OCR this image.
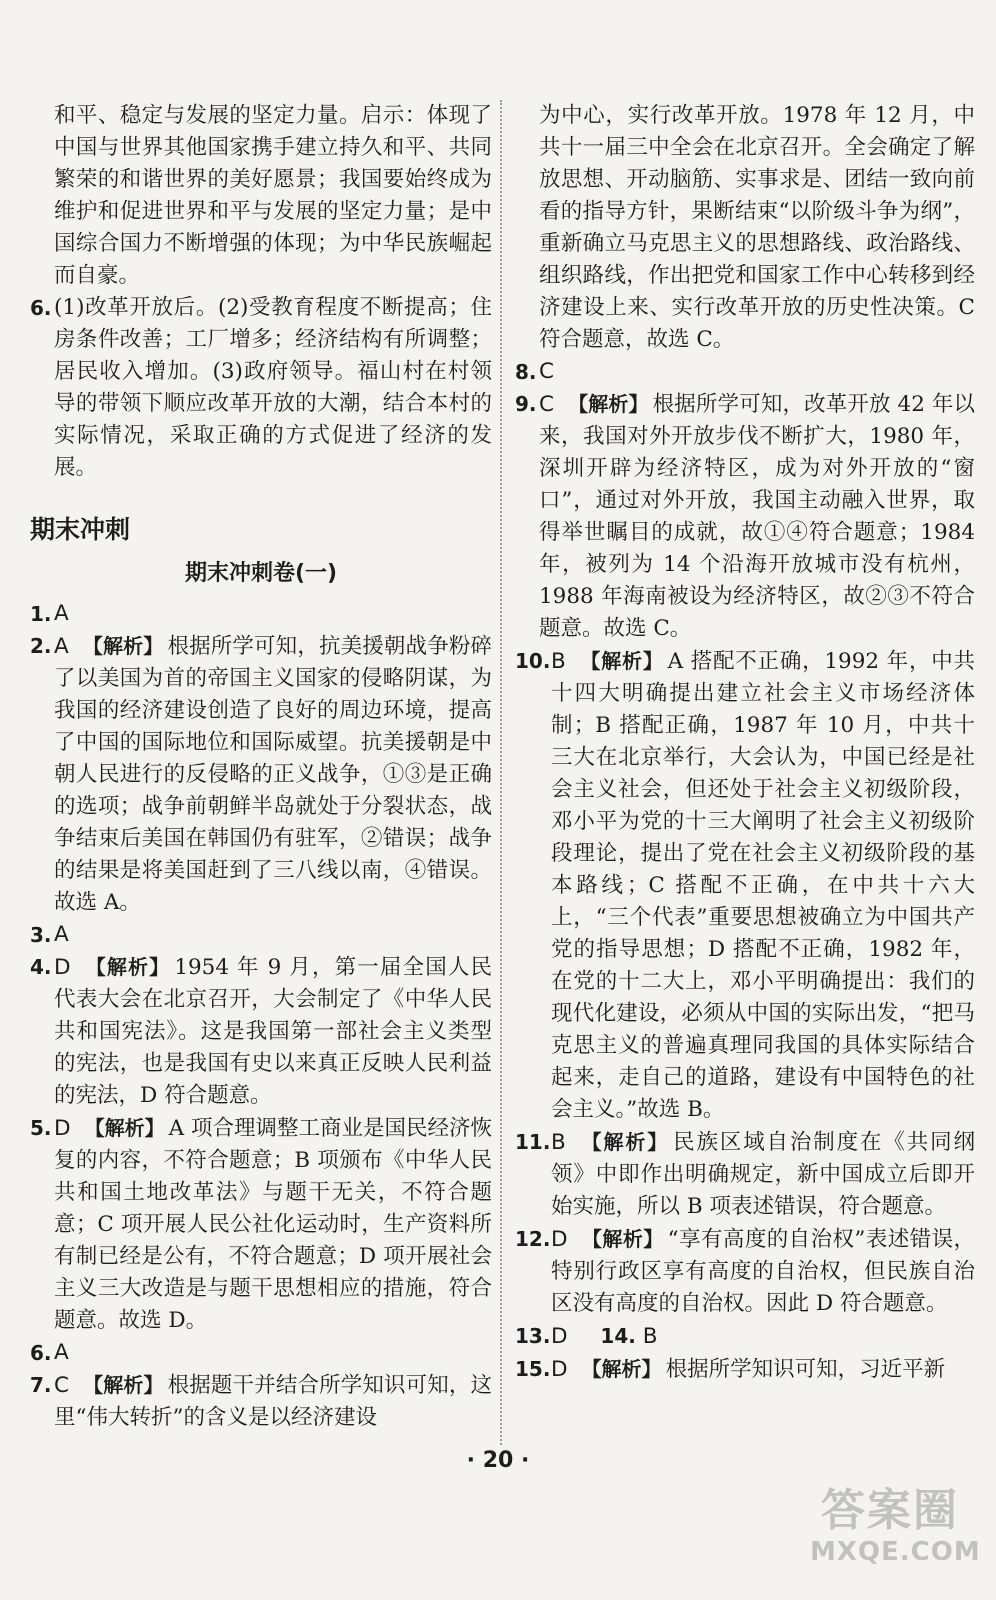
和平、稳定与发展的坚定力量。启示：体现了中国与世界其他国家携手建立持久和平、共同繁荣的和谐世界的美好愿景；我国要始终成为维护和促进世界和平与发展的坚定力量；是中国综合国力不断增强的体现；为中华民族崛起而自豪。
6. (1)改革开放后。(2)受教育程度不断提高；住房条件改善；工厂增多；经济结构有所调整；居民收入增加。(3)政府领导。福山村在村领导的带领下顺应改革开放的大潮，结合本村的实际情况，采取正确的方式促进了经济的发展。
期末冲刺
期末冲刺卷(一)
1. A
2. A 【解析】 根据所学可知，抗美援朝战争粉碎了以美国为首的帝国主义国家的侵略阴谋，为我国的经济建设创造了良好的周边环境，提高了中国的国际地位和国际威望。抗美援朝是中朝人民进行的反侵略的正义战争，①③是正确的选项；战争前朝鲜半岛就处于分裂状态，战争结束后美国在韩国仍有驻军，②错误；战争的结果是将美国赶到了三八线以南，④错误。故选 A。
3. A
4. D 【解析】 1954 年 9 月，第一届全国人民代表大会在北京召开，大会制定了《中华人民共和国宪法》。这是我国第一部社会主义类型的宪法，也是我国有史以来真正反映人民利益的宪法，D 符合题意。
5. D 【解析】 A 项合理调整工商业是国民经济恢复的内容，不符合题意；B 项颁布《中华人民共和国土地改革法》与题干无关，不符合题意；C 项开展人民公社化运动时，生产资料所有制已经是公有，不符合题意；D 项开展社会主义三大改造是与题干思想相应的措施，符合题意。故选 D。
6. A
7. C 【解析】 根据题干并结合所学知识可知，这里“伟大转折”的含义是以经济建设
为中心，实行改革开放。1978 年 12 月，中共十一届三中全会在北京召开。全会确定了解放思想、开动脑筋、实事求是、团结一致向前看的指导方针，果断结束“以阶级斗争为纲”，重新确立马克思主义的思想路线、政治路线、组织路线，作出把党和国家工作中心转移到经济建设上来、实行改革开放的历史性决策。C 符合题意，故选 C。
8. C
9. C 【解析】 根据所学可知，改革开放 42 年以来，我国对外开放步伐不断扩大，1980 年，深圳开辟为经济特区，成为对外开放的“窗口”，通过对外开放，我国主动融入世界，取得举世瞩目的成就，故①④符合题意；1984 年，被列为 14 个沿海开放城市没有杭州，1988 年海南被设为经济特区，故②③不符合题意。故选 C。
10. B 【解析】 A 搭配不正确，1992 年，中共十四大明确提出建立社会主义市场经济体制；B 搭配正确，1987 年 10 月，中共十三大在北京举行，大会认为，中国已经是社会主义社会，但还处于社会主义初级阶段，邓小平为党的十三大阐明了社会主义初级阶段理论，提出了党在社会主义初级阶段的基本路线；C 搭配不正确，在中共十六大上，“三个代表”重要思想被确立为中国共产党的指导思想；D 搭配不正确，1982 年，在党的十二大上，邓小平明确提出：我们的现代化建设，必须从中国的实际出发，“把马克思主义的普遍真理同我国的具体实际结合起来，走自己的道路，建设有中国特色的社会主义。”故选 B。
11. B 【解析】 民族区域自治制度在《共同纲领》中即作出明确规定，新中国成立后即开始实施，所以 B 项表述错误，符合题意。
12. D 【解析】 “享有高度的自治权”表述错误，特别行政区享有高度的自治权，但民族自治区没有高度的自治权。因此 D 符合题意。
13. D 14. B
15. D 【解析】 根据所学知识可知，习近平新
· 20 ·
答案圈
MXQE.COM
